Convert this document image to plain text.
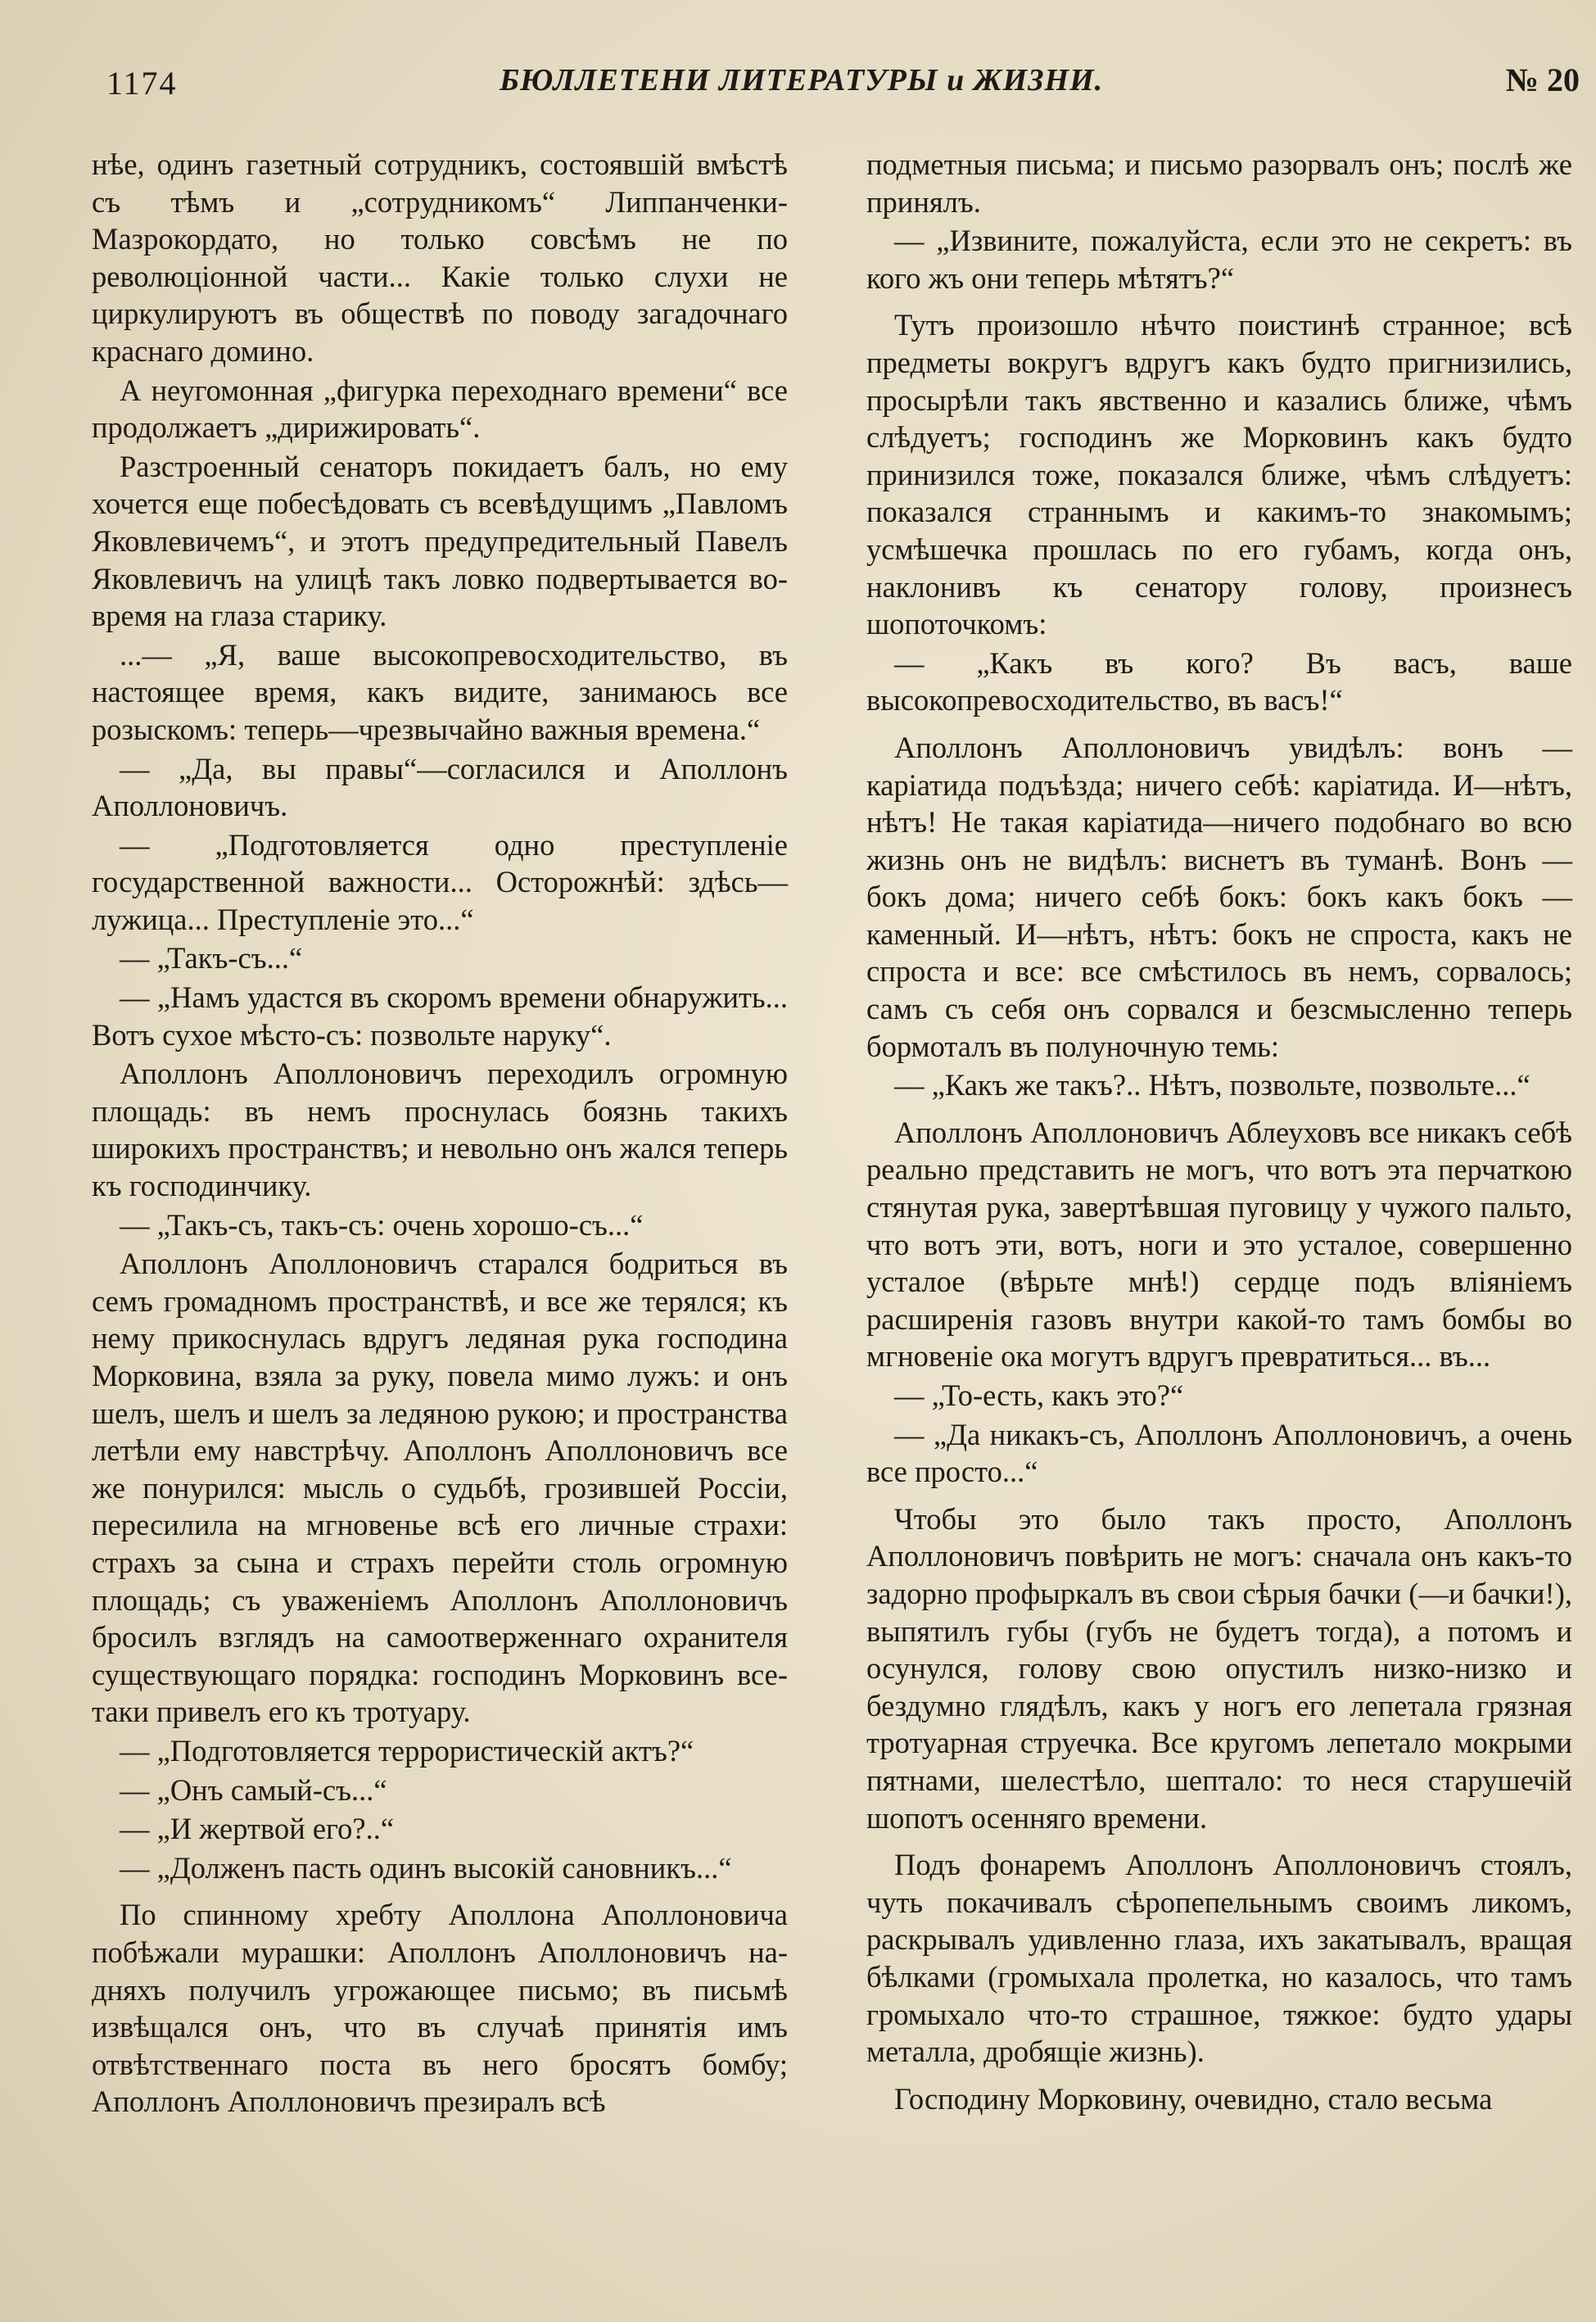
1174	БЮЛЛЕТЕНИ ЛИТЕРАТУРЫ и ЖИЗНИ.	№ 20

нѣе, одинъ газетный сотрудникъ, состоявшій вмѣстѣ съ тѣмъ и „сотрудникомъ“ Липпанченки-Мазрокордато, но только совсѣмъ не по революціонной части... Какіе только слухи не циркулируютъ въ обществѣ по поводу загадочнаго краснаго домино.

А неугомонная „фигурка переходнаго времени“ все продолжаетъ „дирижировать“.

Разстроенный сенаторъ покидаетъ балъ, но ему хочется еще побесѣдовать съ всевѣдущимъ „Павломъ Яковлевичемъ“, и этотъ предупредительный Павелъ Яковлевичъ на улицѣ такъ ловко подвертывается во-время на глаза старику.

...— „Я, ваше высокопревосходительство, въ настоящее время, какъ видите, занимаюсь все розыскомъ: теперь—чрезвычайно важныя времена.“

— „Да, вы правы“—согласился и Аполлонъ Аполлоновичъ.

— „Подготовляется одно преступленіе государственной важности... Осторожнѣй: здѣсь—лужица... Преступленіе это...“

— „Такъ-съ...“

— „Намъ удастся въ скоромъ времени обнаружить... Вотъ сухое мѣсто-съ: позвольте наруку“.

Аполлонъ Аполлоновичъ переходилъ огромную площадь: въ немъ проснулась боязнь такихъ широкихъ пространствъ; и невольно онъ жался теперь къ господинчику.

— „Такъ-съ, такъ-съ: очень хорошо-съ...“

Аполлонъ Аполлоновичъ старался бодриться въ семъ громадномъ пространствѣ, и все же терялся; къ нему прикоснулась вдругъ ледяная рука господина Морковина, взяла за руку, повела мимо лужъ: и онъ шелъ, шелъ и шелъ за ледяною рукою; и пространства летѣли ему навстрѣчу. Аполлонъ Аполлоновичъ все же понурился: мысль о судьбѣ, грозившей Россіи, пересилила на мгновенье всѣ его личные страхи: страхъ за сына и страхъ перейти столь огромную площадь; съ уваженіемъ Аполлонъ Аполлоновичъ бросилъ взглядъ на самоотверженнаго охранителя существующаго порядка: господинъ Морковинъ все-таки привелъ его къ тротуару.

— „Подготовляется террористическій актъ?“

— „Онъ самый-съ...“

— „И жертвой его?..“

— „Долженъ пасть одинъ высокій сановникъ...“

По спинному хребту Аполлона Аполлоновича побѣжали мурашки: Аполлонъ Аполлоновичъ на-дняхъ получилъ угрожающее письмо; въ письмѣ извѣщался онъ, что въ случаѣ принятія имъ отвѣтственнаго поста въ него бросятъ бомбу; Аполлонъ Аполлоновичъ презиралъ всѣ

подметныя письма; и письмо разорвалъ онъ; послѣ же принялъ.

— „Извините, пожалуйста, если это не секретъ: въ кого жъ они теперь мѣтятъ?“

Тутъ произошло нѣчто поистинѣ странное; всѣ предметы вокругъ вдругъ какъ будто пригнизились, просырѣли такъ явственно и казались ближе, чѣмъ слѣдуетъ; господинъ же Морковинъ какъ будто принизился тоже, показался ближе, чѣмъ слѣдуетъ: показался страннымъ и какимъ-то знакомымъ; усмѣшечка прошлась по его губамъ, когда онъ, наклонивъ къ сенатору голову, произнесъ шопоточкомъ:

— „Какъ въ кого? Въ васъ, ваше высокопревосходительство, въ васъ!“

Аполлонъ Аполлоновичъ увидѣлъ: вонъ — каріатида подъѣзда; ничего себѣ: каріатида. И—нѣтъ, нѣтъ! Не такая каріатида—ничего подобнаго во всю жизнь онъ не видѣлъ: виснетъ въ туманѣ. Вонъ — бокъ дома; ничего себѣ бокъ: бокъ какъ бокъ — каменный. И—нѣтъ, нѣтъ: бокъ не спроста, какъ не спроста и все: все смѣстилось въ немъ, сорвалось; самъ съ себя онъ сорвался и безсмысленно теперь бормоталъ въ полуночную темь:

— „Какъ же такъ?.. Нѣтъ, позвольте, позвольте...“

Аполлонъ Аполлоновичъ Аблеуховъ все никакъ себѣ реально представить не могъ, что вотъ эта перчаткою стянутая рука, завертѣвшая пуговицу у чужого пальто, что вотъ эти, вотъ, ноги и это усталое, совершенно усталое (вѣрьте мнѣ!) сердце подъ вліяніемъ расширенія газовъ внутри какой-то тамъ бомбы во мгновеніе ока могутъ вдругъ превратиться... въ...

— „То-есть, какъ это?“

— „Да никакъ-съ, Аполлонъ Аполлоновичъ, а очень все просто...“

Чтобы это было такъ просто, Аполлонъ Аполлоновичъ повѣрить не могъ: сначала онъ какъ-то задорно профыркалъ въ свои сѣрыя бачки (—и бачки!), выпятилъ губы (губъ не будетъ тогда), а потомъ и осунулся, голову свою опустилъ низко-низко и бездумно глядѣлъ, какъ у ногъ его лепетала грязная тротуарная струечка. Все кругомъ лепетало мокрыми пятнами, шелестѣло, шептало: то неся старушечій шопотъ осенняго времени.

Подъ фонаремъ Аполлонъ Аполлоновичъ стоялъ, чуть покачивалъ сѣропепельнымъ своимъ ликомъ, раскрывалъ удивленно глаза, ихъ закатывалъ, вращая бѣлками (громыхала пролетка, но казалось, что тамъ громыхало что-то страшное, тяжкое: будто удары металла, дробящіе жизнь).

Господину Морковину, очевидно, стало весьма
